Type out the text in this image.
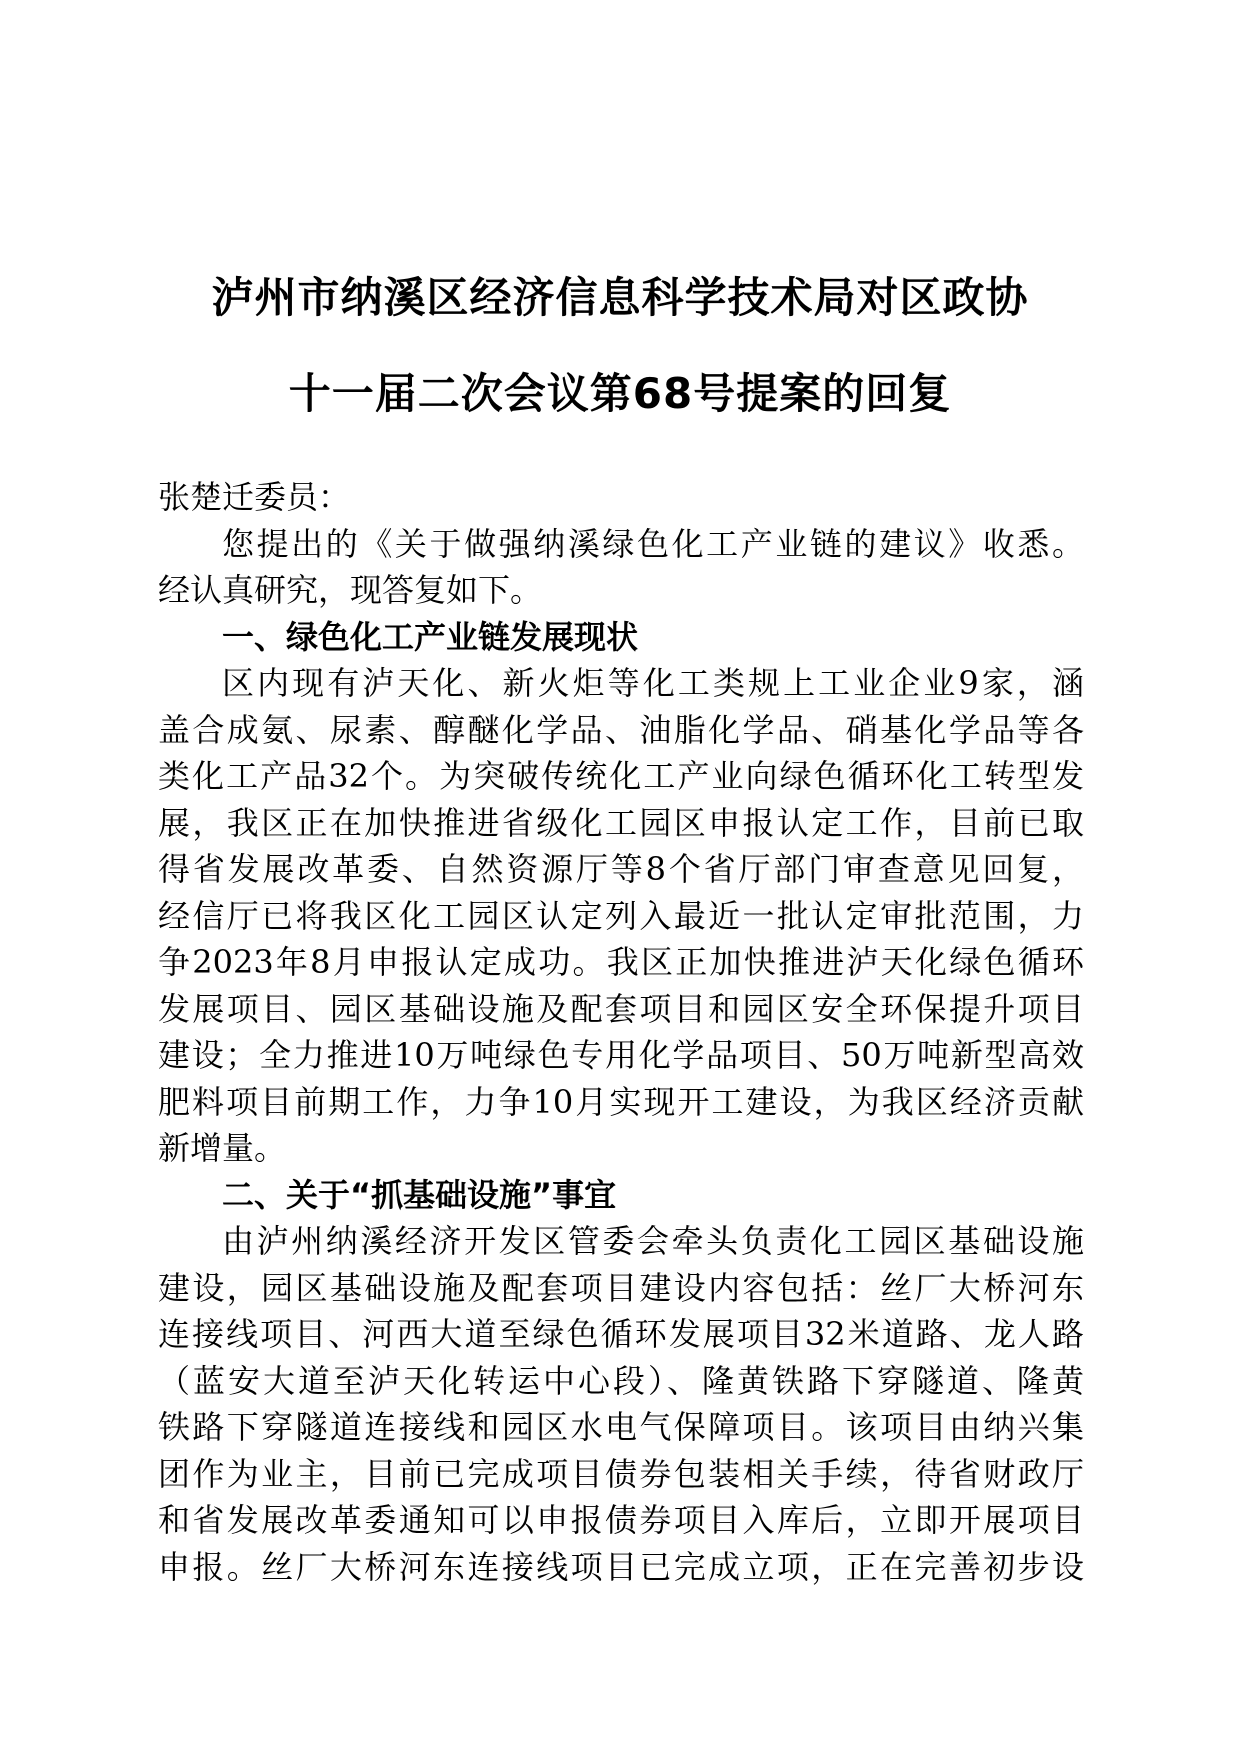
泸州市纳溪区经济信息科学技术局对区政协
十一届二次会议第68号提案的回复
张楚迁委员：
您提出的《关于做强纳溪绿色化工产业链的建议》收悉。
经认真研究，现答复如下。
一、绿色化工产业链发展现状
区内现有泸天化、新火炬等化工类规上工业企业9家，涵
盖合成氨、尿素、醇醚化学品、油脂化学品、硝基化学品等各
类化工产品32个。为突破传统化工产业向绿色循环化工转型发
展，我区正在加快推进省级化工园区申报认定工作，目前已取
得省发展改革委、自然资源厅等8个省厅部门审查意见回复，
经信厅已将我区化工园区认定列入最近一批认定审批范围，力
争2023年8月申报认定成功。我区正加快推进泸天化绿色循环
发展项目、园区基础设施及配套项目和园区安全环保提升项目
建设；全力推进10万吨绿色专用化学品项目、50万吨新型高效
肥料项目前期工作，力争10月实现开工建设，为我区经济贡献
新增量。
二、关于“抓基础设施”事宜
由泸州纳溪经济开发区管委会牵头负责化工园区基础设施
建设，园区基础设施及配套项目建设内容包括：丝厂大桥河东
连接线项目、河西大道至绿色循环发展项目32米道路、龙人路
（蓝安大道至泸天化转运中心段）、隆黄铁路下穿隧道、隆黄
铁路下穿隧道连接线和园区水电气保障项目。该项目由纳兴集
团作为业主，目前已完成项目债券包装相关手续，待省财政厅
和省发展改革委通知可以申报债券项目入库后，立即开展项目
申报。丝厂大桥河东连接线项目已完成立项，正在完善初步设
